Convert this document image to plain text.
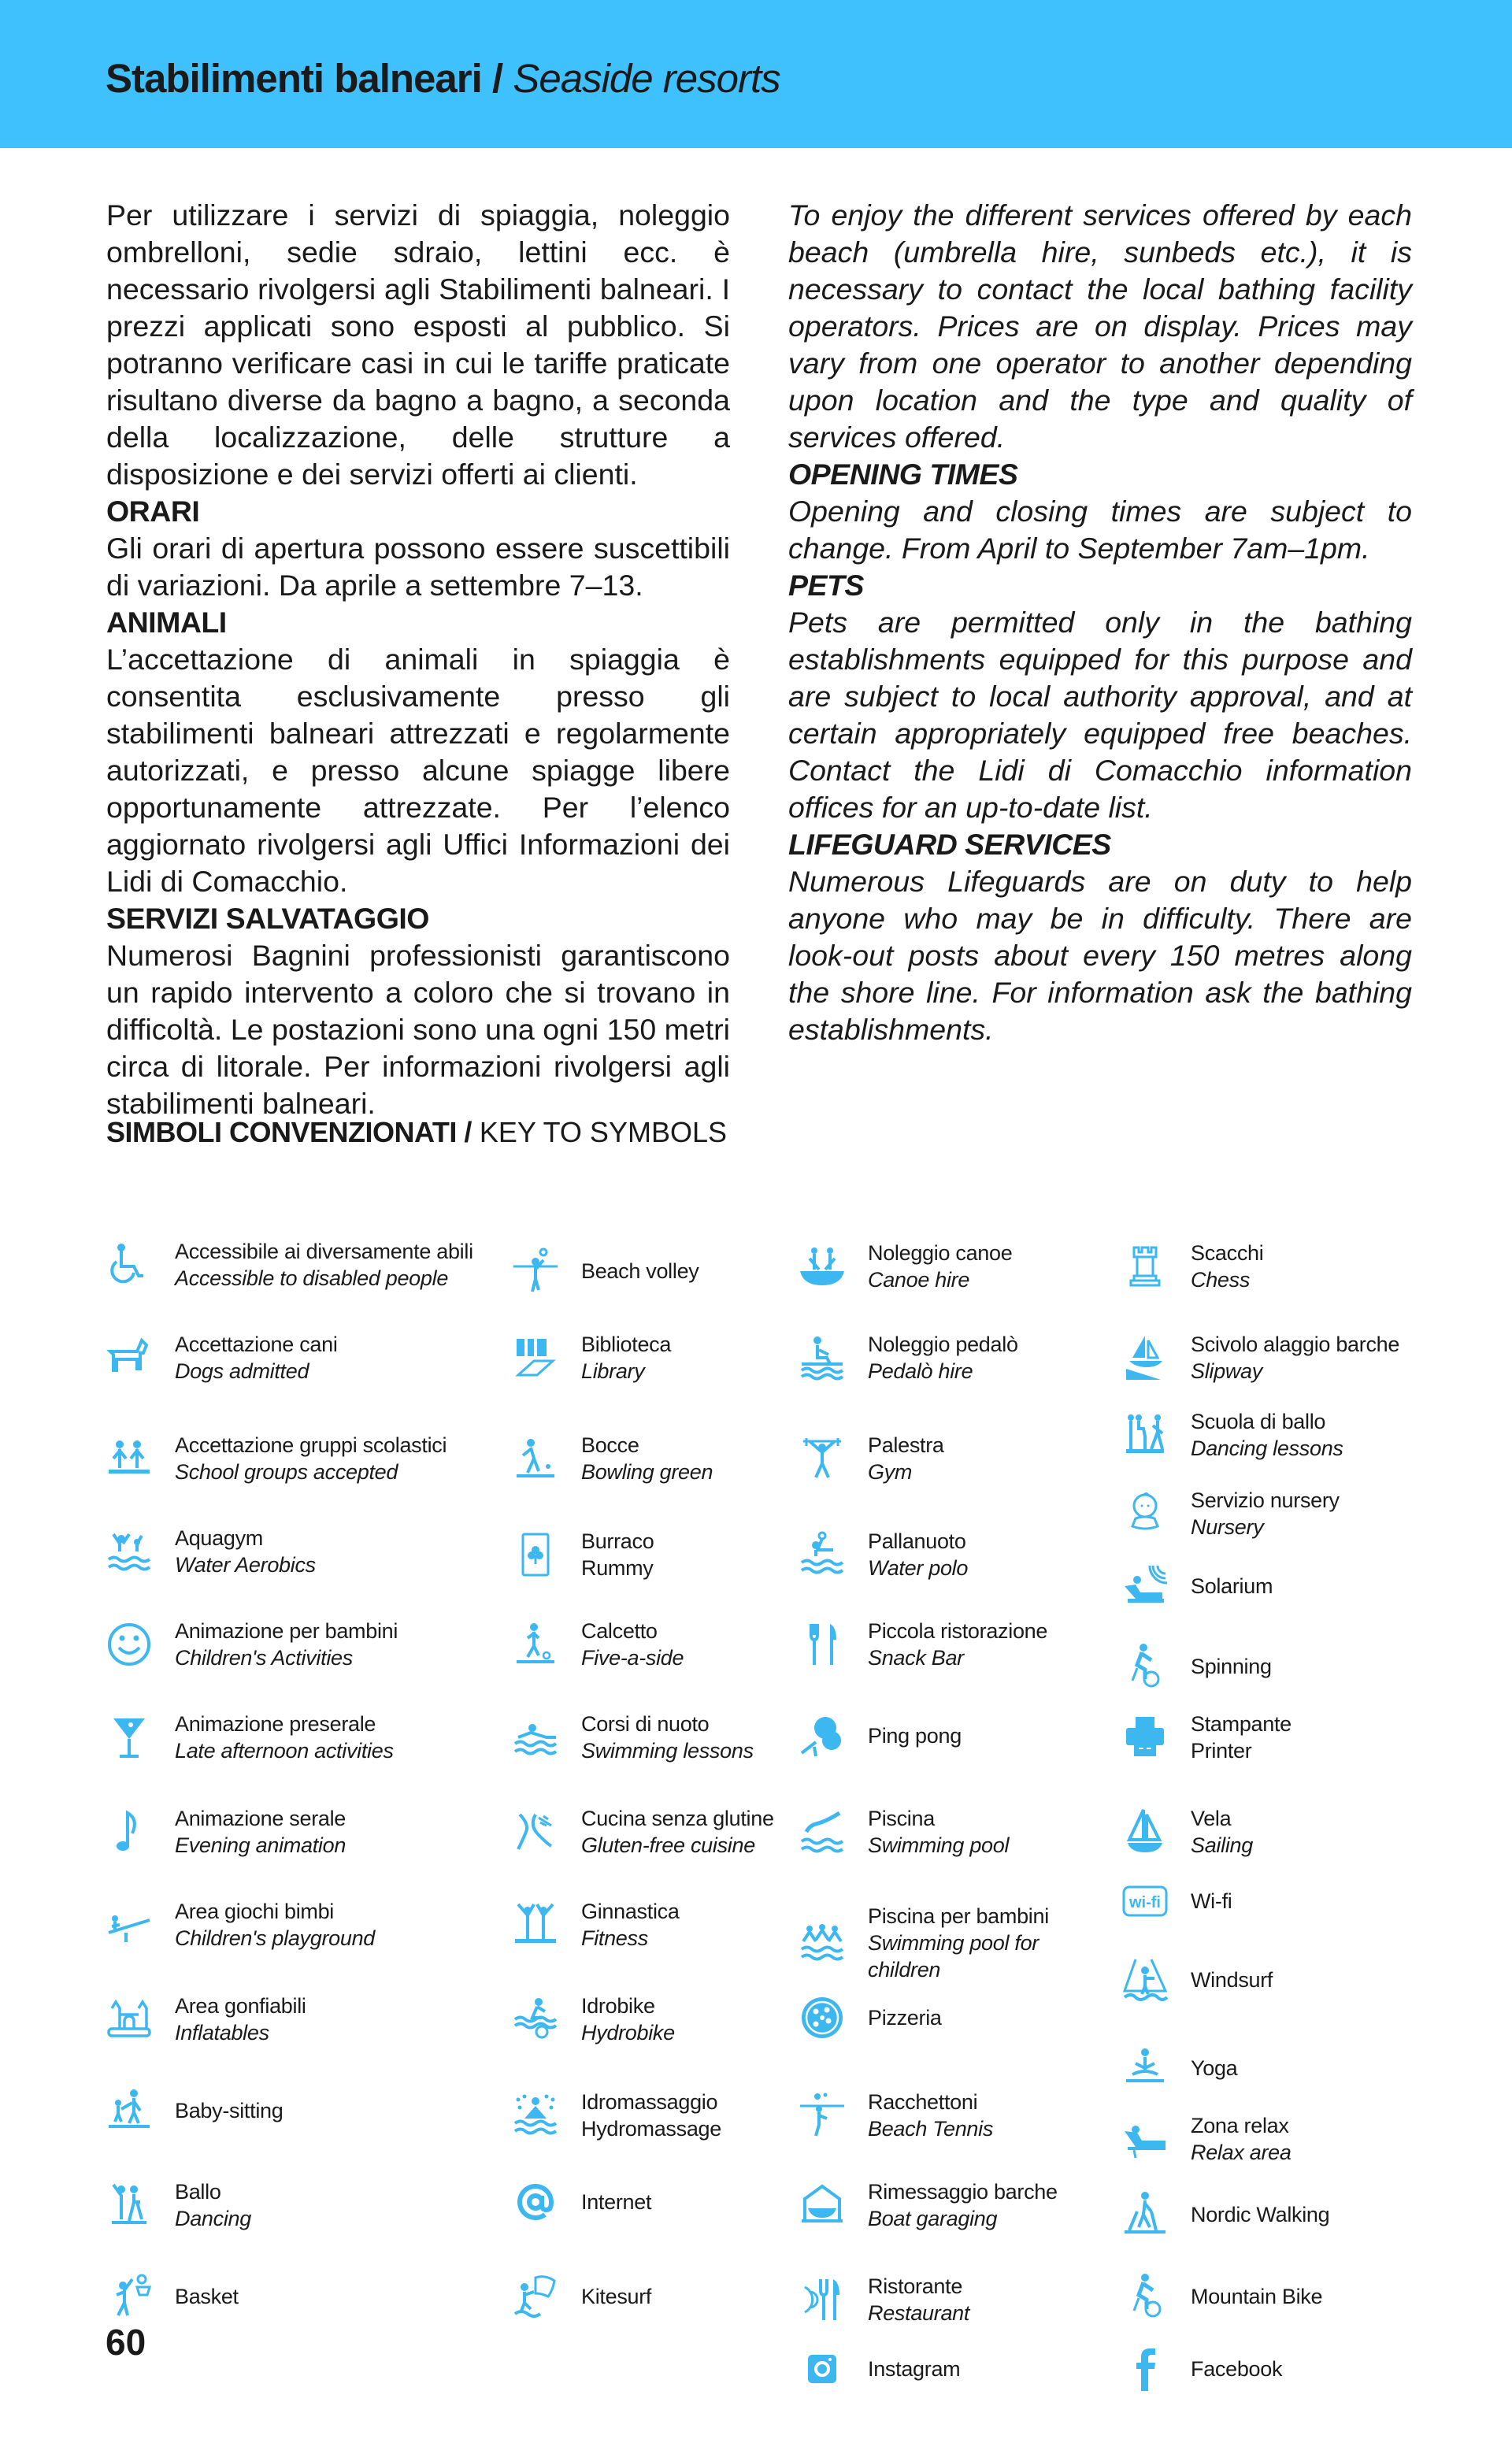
Stabilimenti balneari / Seaside resorts

Per utilizzare i servizi di spiaggia, noleggio ombrelloni, sedie sdraio, lettini ecc. è necessario rivolgersi agli Stabilimenti balneari. I prezzi applicati sono esposti al pubblico. Si potranno verificare casi in cui le tariffe praticate risultano diverse da bagno a bagno, a seconda della localizzazione, delle strutture a disposizione e dei servizi offerti ai clienti.

ORARI

Gli orari di apertura possono essere suscettibili di variazioni. Da aprile a settembre 7–13.

ANIMALI

L’accettazione di animali in spiaggia è consentita esclusivamente presso gli stabilimenti balneari attrezzati e regolarmente autorizzati, e presso alcune spiagge libere opportunamente attrezzate. Per l’elenco aggiornato rivolgersi agli Uffici Informazioni dei Lidi di Comacchio.

SERVIZI SALVATAGGIO

Numerosi Bagnini professionisti garantiscono un rapido intervento a coloro che si trovano in difficoltà. Le postazioni sono una ogni 150 metri circa di litorale. Per informazioni rivolgersi agli stabilimenti balneari.

To enjoy the different services offered by each beach (umbrella hire, sunbeds etc.), it is necessary to contact the local bathing facility operators. Prices are on display. Prices may vary from one operator to another depending upon location and the type and quality of services offered.

OPENING TIMES

Opening and closing times are subject to change. From April to September 7am–1pm.

PETS

Pets are permitted only in the bathing establishments equipped for this purpose and are subject to local authority approval, and at certain appropriately equipped free beaches. Contact the Lidi di Comacchio information offices for an up-to-date list.

LIFEGUARD SERVICES

Numerous Lifeguards are on duty to help anyone who may be in difficulty. There are look-out posts about every 150 metres along the shore line. For information ask the bathing establishments.

SIMBOLI CONVENZIONATI / KEY TO SYMBOLS
Accessibile ai diversamente abili
Accessible to disabled people
Accettazione cani
Dogs admitted
Accettazione gruppi scolastici
School groups accepted
Aquagym
Water Aerobics
Animazione per bambini
Children's Activities
Animazione preserale
Late afternoon activities
Animazione serale
Evening animation
Area giochi bimbi
Children's playground
Area gonfiabili
Inflatables
Baby-sitting
Ballo
Dancing
Basket
Beach volley
Biblioteca
Library
Bocce
Bowling green
Burraco
Rummy
Calcetto
Five-a-side
Corsi di nuoto
Swimming lessons
Cucina senza glutine
Gluten-free cuisine
Ginnastica
Fitness
Idrobike
Hydrobike
Idromassaggio
Hydromassage
Internet
Kitesurf
Noleggio canoe
Canoe hire
Noleggio pedalò
Pedalò hire
Palestra
Gym
Pallanuoto
Water polo
Piccola ristorazione
Snack Bar
Ping pong
Piscina
Swimming pool
Piscina per bambini
Swimming pool for children
Pizzeria
Racchettoni
Beach Tennis
Rimessaggio barche
Boat garaging
Ristorante
Restaurant
Instagram
Scacchi
Chess
Scivolo alaggio barche
Slipway
Scuola di ballo
Dancing lessons
Servizio nursery
Nursery
Solarium
Spinning
Stampante
Printer
Vela
Sailing
wi-fi Wi-fi
Windsurf
Yoga
Zona relax
Relax area
Nordic Walking
Mountain Bike
Facebook
60
